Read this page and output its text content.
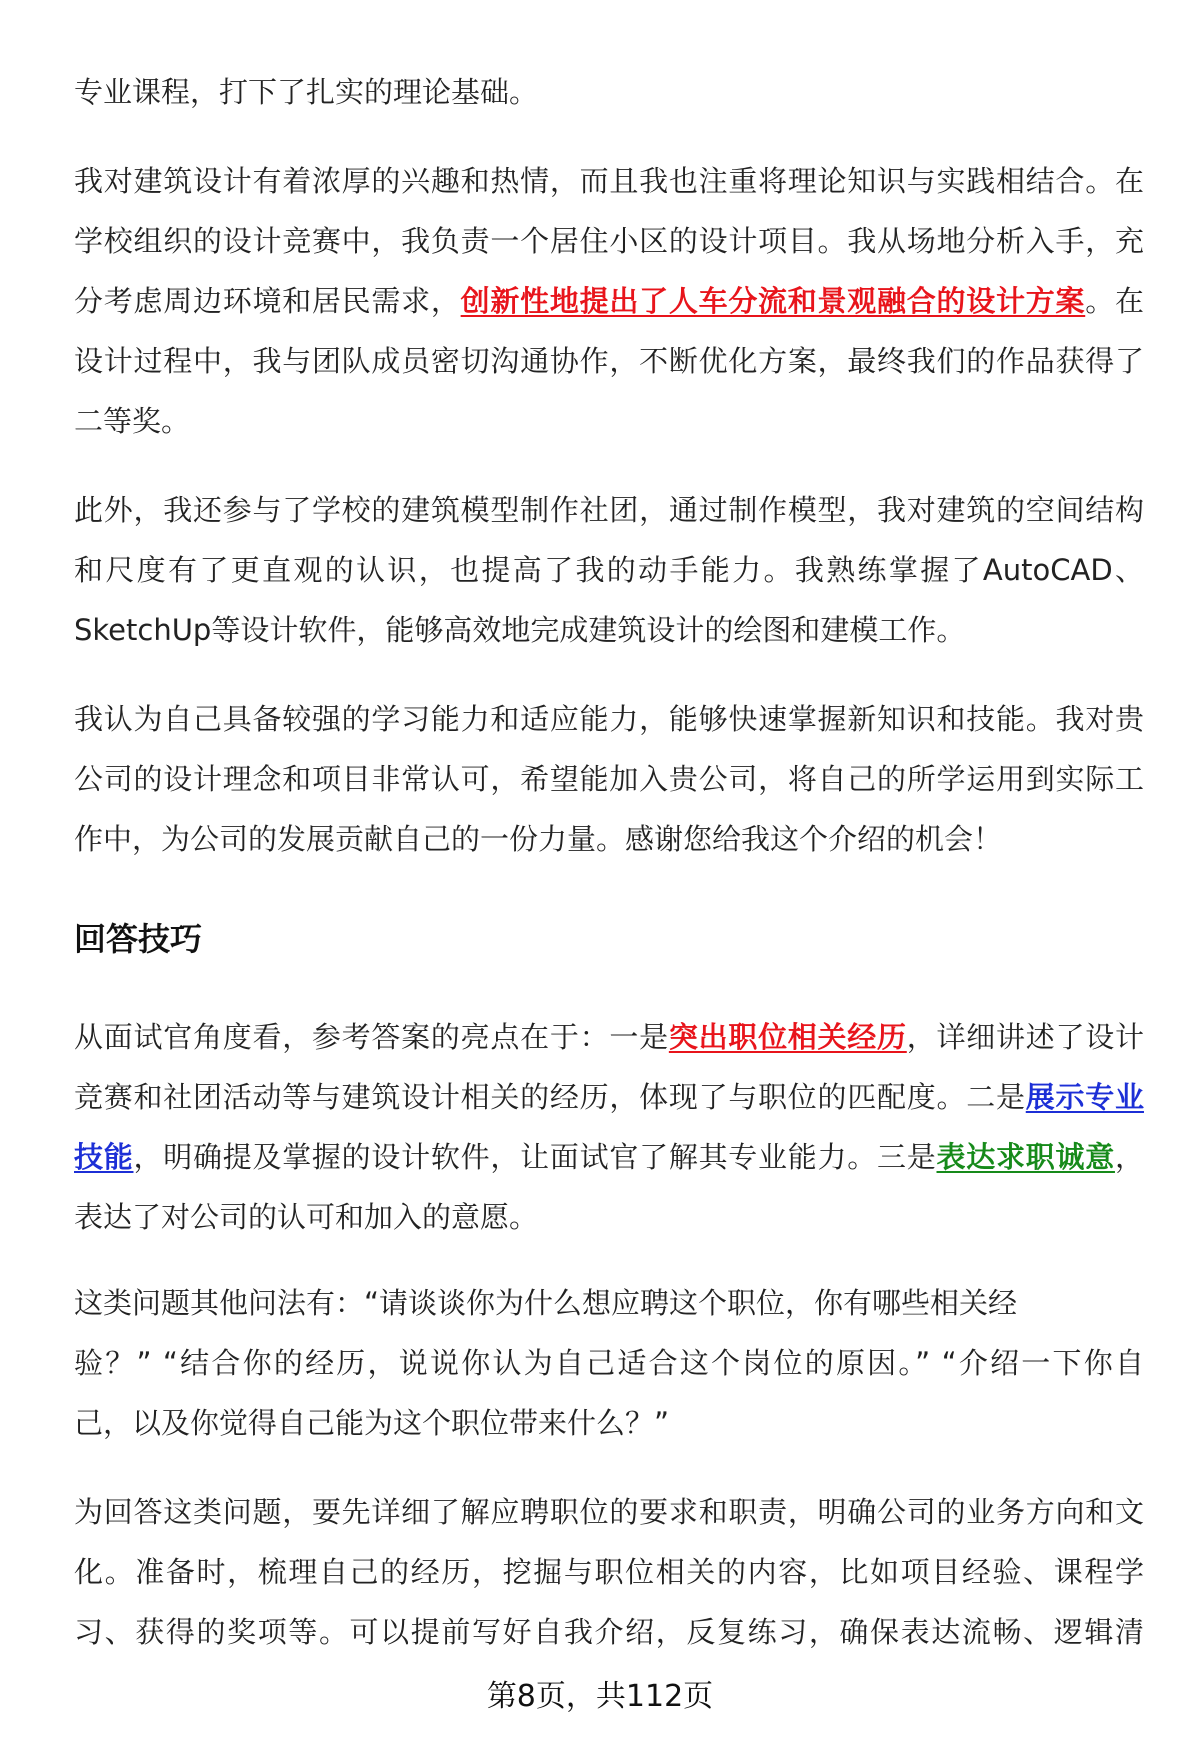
回答技巧
第8页，共112页
专业课程，打下了扎实的理论基础。
我对建筑设计有着浓厚的兴趣和热情，而且我也注重将理论知识与实践相结合。在
学校组织的设计竞赛中，我负责一个居住小区的设计项目。我从场地分析入手，充
分考虑周边环境和居民需求，创新性地提出了人车分流和景观融合的设计方案。在
设计过程中，我与团队成员密切沟通协作，不断优化方案，最终我们的作品获得了
二等奖。
此外，我还参与了学校的建筑模型制作社团，通过制作模型，我对建筑的空间结构
和尺度有了更直观的认识，也提高了我的动手能力。我熟练掌握了AutoCAD、
SketchUp等设计软件，能够高效地完成建筑设计的绘图和建模工作。
我认为自己具备较强的学习能力和适应能力，能够快速掌握新知识和技能。我对贵
公司的设计理念和项目非常认可，希望能加入贵公司，将自己的所学运用到实际工
作中，为公司的发展贡献自己的一份力量。感谢您给我这个介绍的机会！
从面试官角度看，参考答案的亮点在于：一是突出职位相关经历，详细讲述了设计
竞赛和社团活动等与建筑设计相关的经历，体现了与职位的匹配度。二是展示专业
技能，明确提及掌握的设计软件，让面试官了解其专业能力。三是表达求职诚意，
表达了对公司的认可和加入的意愿。
这类问题其他问法有：“请谈谈你为什么想应聘这个职位，你有哪些相关经
验？” “结合你的经历，说说你认为自己适合这个岗位的原因。” “介绍一下你自
己，以及你觉得自己能为这个职位带来什么？”
为回答这类问题，要先详细了解应聘职位的要求和职责，明确公司的业务方向和文
化。准备时，梳理自己的经历，挖掘与职位相关的内容，比如项目经验、课程学
习、获得的奖项等。可以提前写好自我介绍，反复练习，确保表达流畅、逻辑清
